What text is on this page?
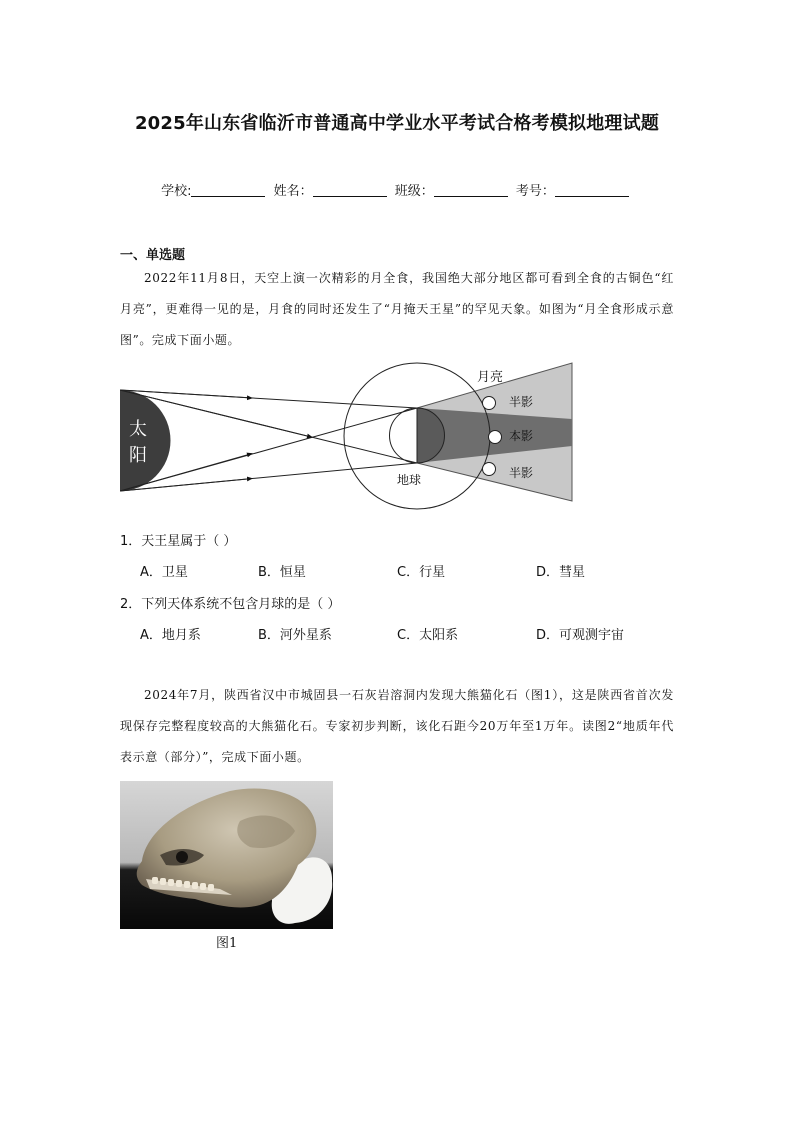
2025年山东省临沂市普通高中学业水平考试合格考模拟地理试题
学校:	姓名：	班级：	考号：
一、单选题
2022年11月8日，天空上演一次精彩的月全食，我国绝大部分地区都可看到全食的古铜色“红月亮”，更难得一见的是，月食的同时还发生了“月掩天王星”的罕见天象。如图为“月全食形成示意图”。完成下面小题。
太
阳
地球
月亮
半影
本影
半影
1．天王星属于（ ）
A．卫星	B．恒星	C．行星	D．彗星
2．下列天体系统不包含月球的是（ ）
A．地月系	B．河外星系	C．太阳系	D．可观测宇宙
2024年7月，陕西省汉中市城固县一石灰岩溶洞内发现大熊猫化石（图1），这是陕西省首次发现保存完整程度较高的大熊猫化石。专家初步判断，该化石距今20万年至1万年。读图2“地质年代表示意（部分）”，完成下面小题。
图1
